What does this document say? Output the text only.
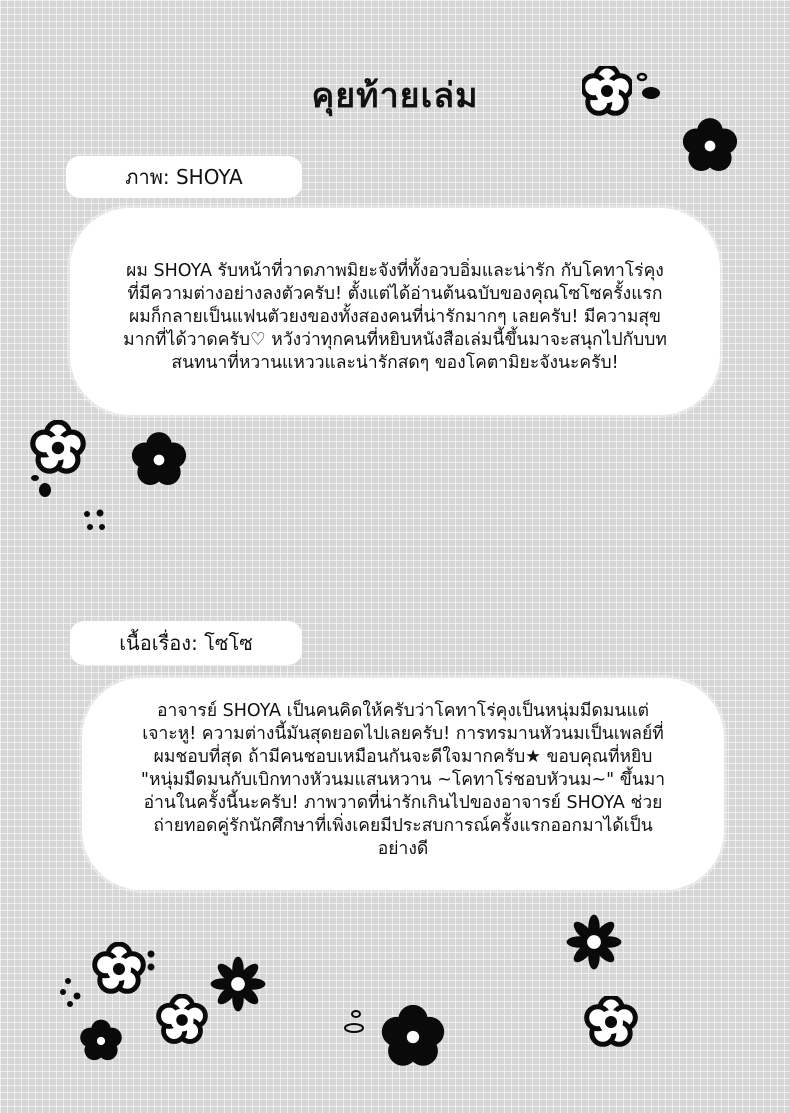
คุยท้ายเล่ม
ภาพ: SHOYA
ผม SHOYA รับหน้าที่วาดภาพมิยะจังที่ทั้งอวบอิ่มและน่ารัก กับโคทาโร่คุง
ที่มีความต่างอย่างลงตัวครับ! ตั้งแต่ได้อ่านต้นฉบับของคุณโซโซครั้งแรก
ผมก็กลายเป็นแฟนตัวยงของทั้งสองคนที่น่ารักมากๆ เลยครับ! มีความสุข
มากที่ได้วาดครับ♡ หวังว่าทุกคนที่หยิบหนังสือเล่มนี้ขึ้นมาจะสนุกไปกับบท
สนทนาที่หวานแหววและน่ารักสดๆ ของโคตามิยะจังนะครับ!
เนื้อเรื่อง: โซโซ
อาจารย์ SHOYA เป็นคนคิดให้ครับว่าโคทาโร่คุงเป็นหนุ่มมีดมนแต่
เจาะหู! ความต่างนี้มันสุดยอดไปเลยครับ! การทรมานหัวนมเป็นเพลย์ที่
ผมชอบที่สุด ถ้ามีคนชอบเหมือนกันจะดีใจมากครับ★ ขอบคุณที่หยิบ
"หนุ่มมืดมนกับเบิกทางหัวนมแสนหวาน ~โคทาโร่ชอบหัวนม~" ขึ้นมา
อ่านในครั้งนี้นะครับ! ภาพวาดที่น่ารักเกินไปของอาจารย์ SHOYA ช่วย
ถ่ายทอดคู่รักนักศึกษาที่เพิ่งเคยมีประสบการณ์ครั้งแรกออกมาได้เป็น
อย่างดี
